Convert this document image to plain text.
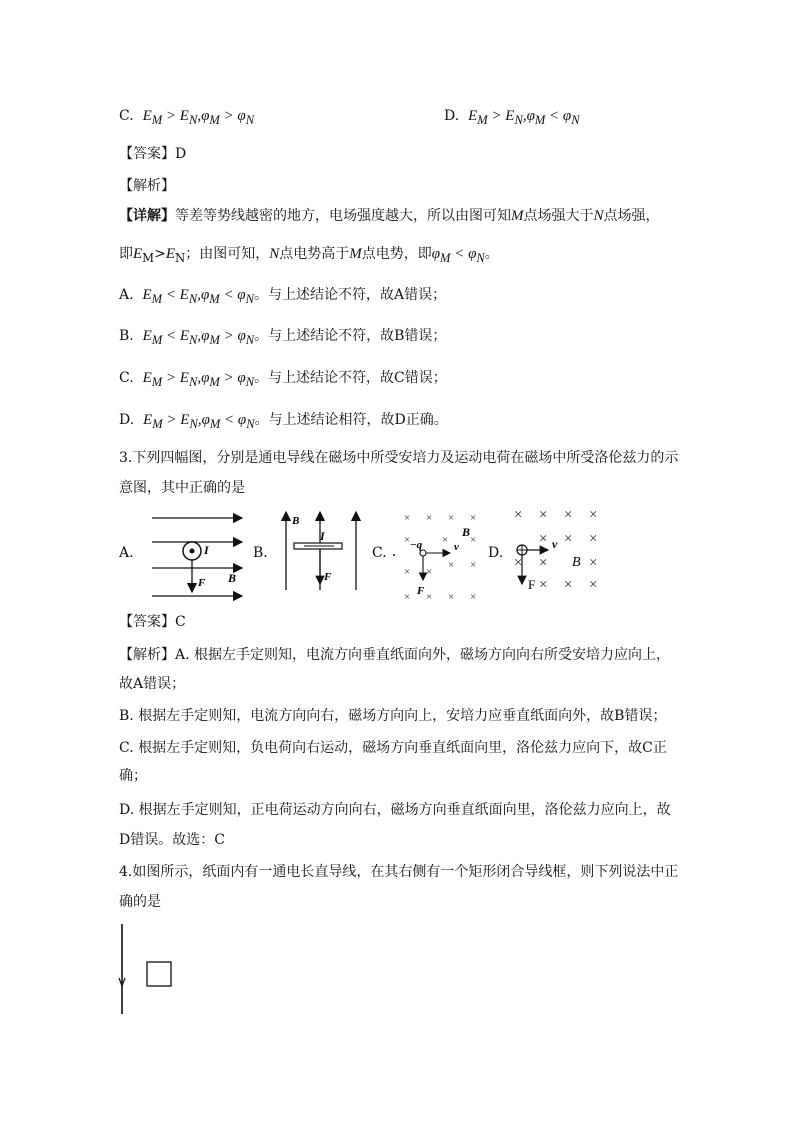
C.  $E_M > E_N,\varphi_M > \varphi_N$	D.  $E_M > E_N,\varphi_M < \varphi_N$
【答案】D
【解析】
【详解】等差等势线越密的地方，电场强度越大，所以由图可知M点场强大于N点场强，
即$E_M>E_N$；由图可知，N点电势高于M点电势，即$\varphi_M < \varphi_N$。
A.  $E_M < E_N,\varphi_M < \varphi_N$。与上述结论不符，故A错误；
B.  $E_M < E_N,\varphi_M > \varphi_N$。与上述结论不符，故B错误；
C.  $E_M > E_N,\varphi_M > \varphi_N$。与上述结论不符，故C错误；
D.  $E_M > E_N,\varphi_M < \varphi_N$。与上述结论相符，故D正确。
3.下列四幅图，分别是通电导线在磁场中所受安培力及运动电荷在磁场中所受洛伦兹力的示
意图，其中正确的是
A.	B.	C.	D.
I
F B
B
I
F
× × × ×
×	× ×
× ×
× ×
× × × ×
−q	v
B
F
× × × ×
× × ×
× ×	×
× × ×
v
B
F
【答案】C
【解析】A. 根据左手定则知，电流方向垂直纸面向外，磁场方向向右所受安培力应向上，
故A错误；
B. 根据左手定则知，电流方向向右，磁场方向向上，安培力应垂直纸面向外，故B错误；
C. 根据左手定则知，负电荷向右运动，磁场方向垂直纸面向里，洛伦兹力应向下，故C正
确；
D. 根据左手定则知，正电荷运动方向向右，磁场方向垂直纸面向里，洛伦兹力应向上，故
D错误。故选：C
4.如图所示，纸面内有一通电长直导线，在其右侧有一个矩形闭合导线框，则下列说法中正
确的是
